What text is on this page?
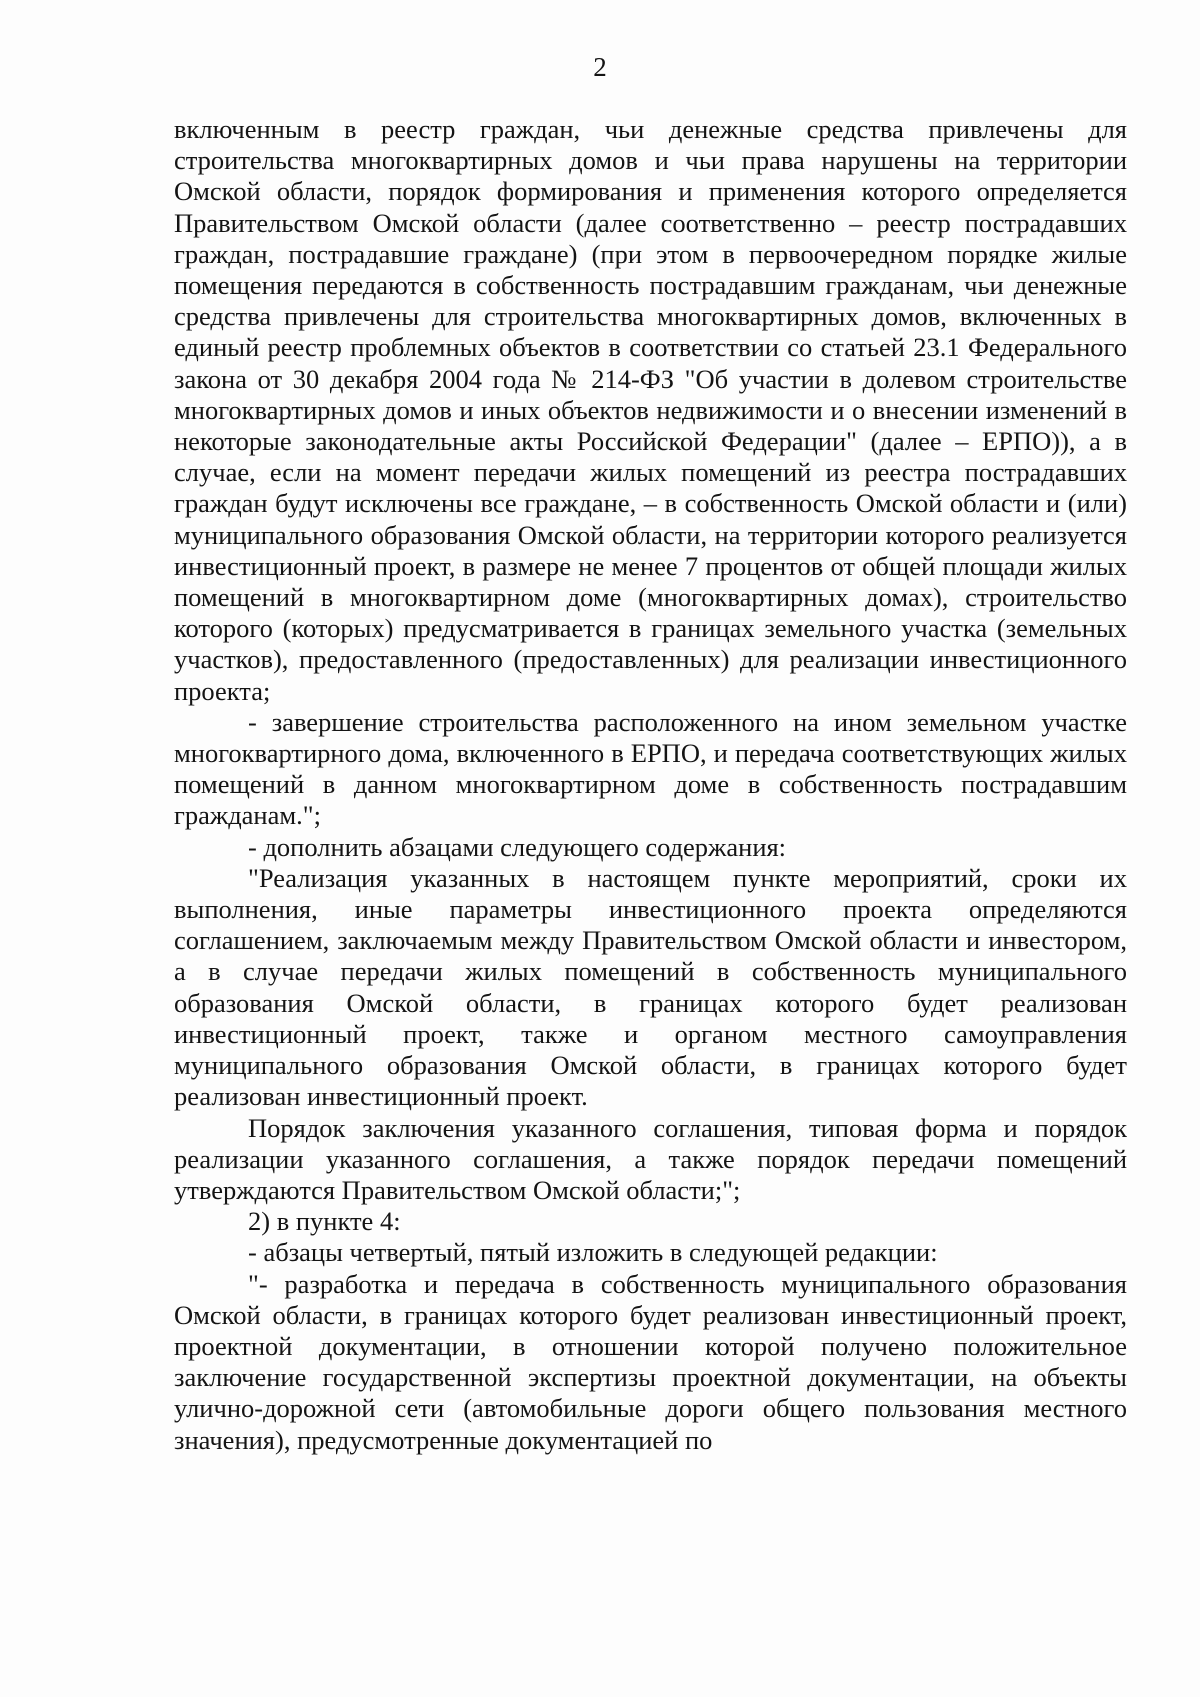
2

включенным в реестр граждан, чьи денежные средства привлечены для строительства многоквартирных домов и чьи права нарушены на территории Омской области, порядок формирования и применения которого определяется Правительством Омской области (далее соответственно – реестр пострадавших граждан, пострадавшие граждане) (при этом в первоочередном порядке жилые помещения передаются в собственность пострадавшим гражданам, чьи денежные средства привлечены для строительства многоквартирных домов, включенных в единый реестр проблемных объектов в соответствии со статьей 23.1 Федерального закона от 30 декабря 2004 года № 214-ФЗ "Об участии в долевом строительстве многоквартирных домов и иных объектов недвижимости и о внесении изменений в некоторые законодательные акты Российской Федерации" (далее – ЕРПО)), а в случае, если на момент передачи жилых помещений из реестра пострадавших граждан будут исключены все граждане, – в собственность Омской области и (или) муниципального образования Омской области, на территории которого реализуется инвестиционный проект, в размере не менее 7 процентов от общей площади жилых помещений в многоквартирном доме (многоквартирных домах), строительство которого (которых) предусматривается в границах земельного участка (земельных участков), предоставленного (предоставленных) для реализации инвестиционного проекта;

- завершение строительства расположенного на ином земельном участке многоквартирного дома, включенного в ЕРПО, и передача соответствующих жилых помещений в данном многоквартирном доме в собственность пострадавшим гражданам.";

- дополнить абзацами следующего содержания:

"Реализация указанных в настоящем пункте мероприятий, сроки их выполнения, иные параметры инвестиционного проекта определяются соглашением, заключаемым между Правительством Омской области и инвестором, а в случае передачи жилых помещений в собственность муниципального образования Омской области, в границах которого будет реализован инвестиционный проект, также и органом местного самоуправления муниципального образования Омской области, в границах которого будет реализован инвестиционный проект.

Порядок заключения указанного соглашения, типовая форма и порядок реализации указанного соглашения, а также порядок передачи помещений утверждаются Правительством Омской области;";

2) в пункте 4:

- абзацы четвертый, пятый изложить в следующей редакции:

"- разработка и передача в собственность муниципального образования Омской области, в границах которого будет реализован инвестиционный проект, проектной документации, в отношении которой получено положительное заключение государственной экспертизы проектной документации, на объекты улично-дорожной сети (автомобильные дороги общего пользования местного значения), предусмотренные документацией по
